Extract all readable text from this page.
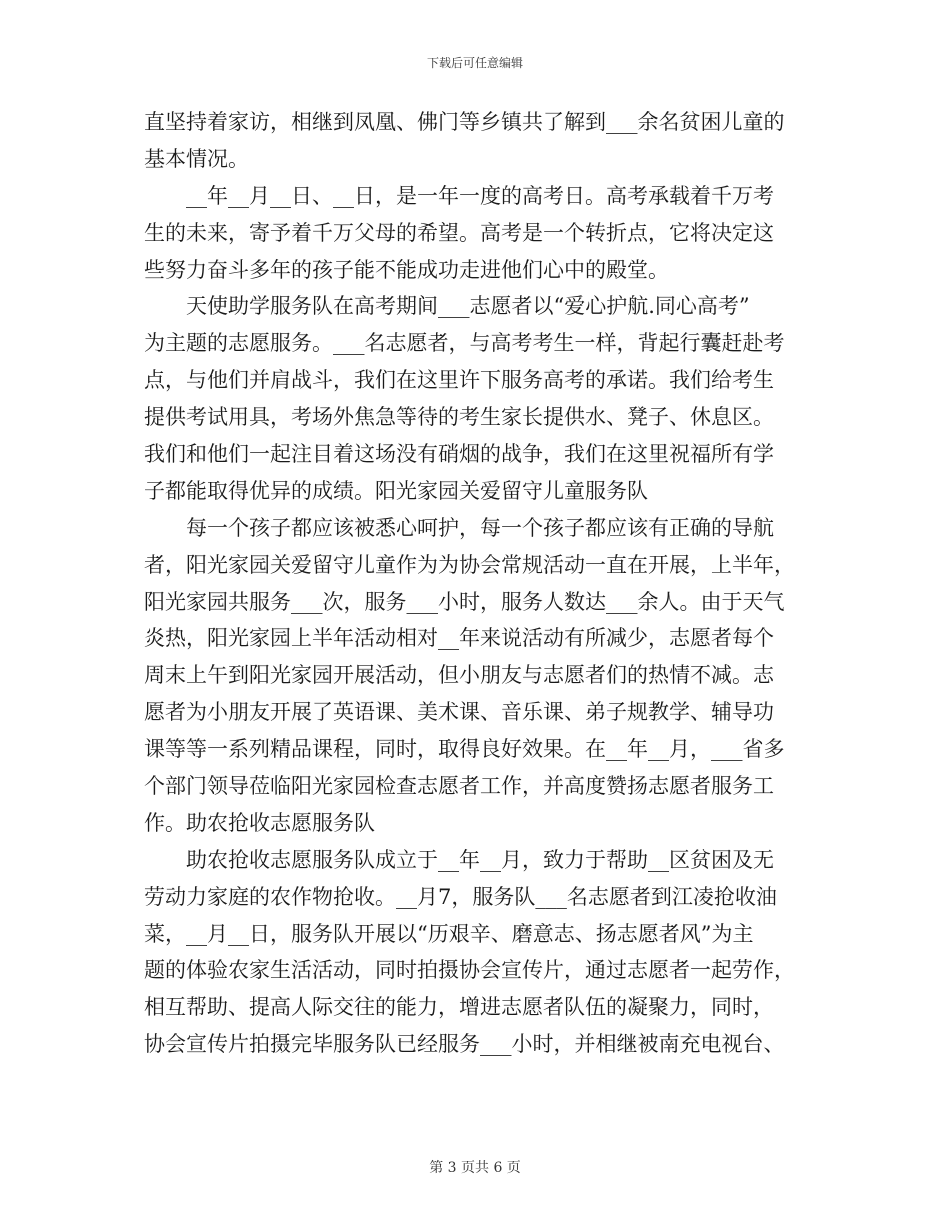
下载后可任意编辑
直坚持着家访，相继到凤凰、佛门等乡镇共了解到___余名贫困儿童的
基本情况。
__年__月__日、__日，是一年一度的高考日。高考承载着千万考
生的未来，寄予着千万父母的希望。高考是一个转折点，它将决定这
些努力奋斗多年的孩子能不能成功走进他们心中的殿堂。
天使助学服务队在高考期间___志愿者以“爱心护航.同心高考”
为主题的志愿服务。___名志愿者，与高考考生一样，背起行囊赶赴考
点，与他们并肩战斗，我们在这里许下服务高考的承诺。我们给考生
提供考试用具，考场外焦急等待的考生家长提供水、凳子、休息区。
我们和他们一起注目着这场没有硝烟的战争，我们在这里祝福所有学
子都能取得优异的成绩。阳光家园关爱留守儿童服务队
每一个孩子都应该被悉心呵护，每一个孩子都应该有正确的导航
者，阳光家园关爱留守儿童作为为协会常规活动一直在开展，上半年，
阳光家园共服务___次，服务___小时，服务人数达___余人。由于天气
炎热，阳光家园上半年活动相对__年来说活动有所减少，志愿者每个
周末上午到阳光家园开展活动，但小朋友与志愿者们的热情不减。志
愿者为小朋友开展了英语课、美术课、音乐课、弟子规教学、辅导功
课等等一系列精品课程，同时，取得良好效果。在__年__月，___省多
个部门领导莅临阳光家园检查志愿者工作，并高度赞扬志愿者服务工
作。助农抢收志愿服务队
助农抢收志愿服务队成立于__年__月，致力于帮助__区贫困及无
劳动力家庭的农作物抢收。__月7，服务队___名志愿者到江凌抢收油
菜，__月__日，服务队开展以“历艰辛、磨意志、扬志愿者风”为主
题的体验农家生活活动，同时拍摄协会宣传片，通过志愿者一起劳作，
相互帮助、提高人际交往的能力，增进志愿者队伍的凝聚力，同时，
协会宣传片拍摄完毕服务队已经服务___小时，并相继被南充电视台、
第 3 页共 6 页
